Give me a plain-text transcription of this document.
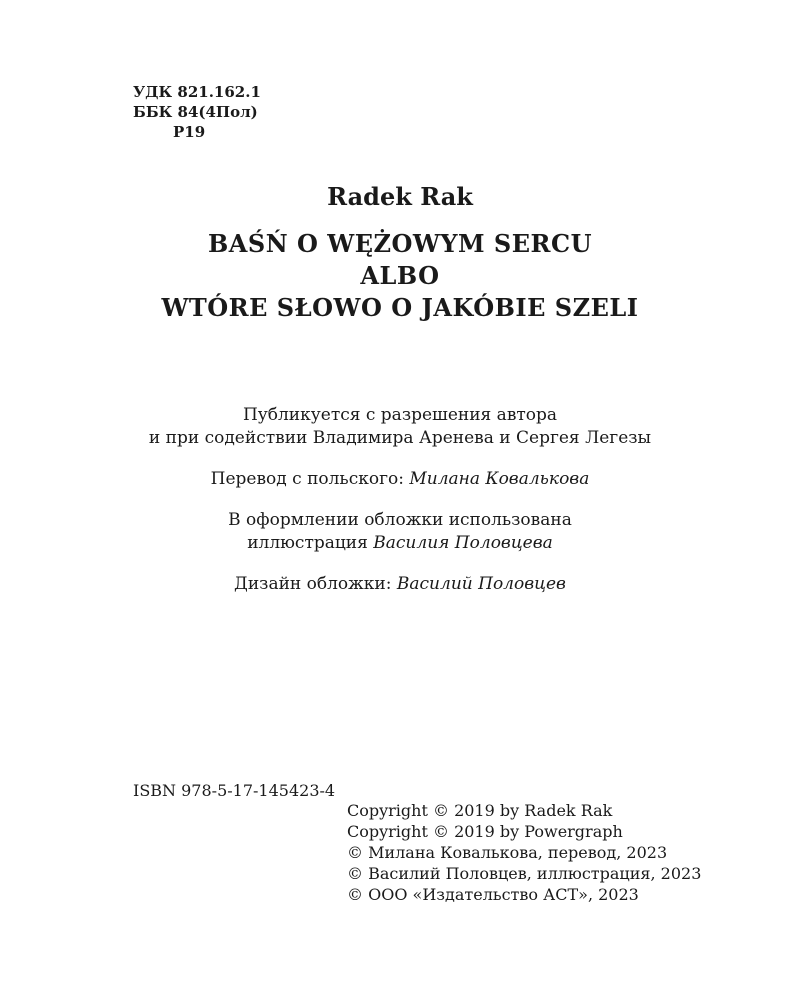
УДК 821.162.1
ББК 84(4Пол)
Р19
Radek Rak
BAŚŃ O WĘŻOWYM SERCU
ALBO
WTÓRE SŁOWO O JAKÓBIE SZELI
Публикуется с разрешения автора
и при содействии Владимира Аренева и Сергея Легезы
Перевод с польского: Милана Ковалькова
В оформлении обложки использована
иллюстрация Василия Половцева
Дизайн обложки: Василий Половцев
ISBN 978-5-17-145423-4
Copyright © 2019 by Radek Rak
Copyright © 2019 by Powergraph
© Милана Ковалькова, перевод, 2023
© Василий Половцев, иллюстрация, 2023
© ООО «Издательство АСТ», 2023
